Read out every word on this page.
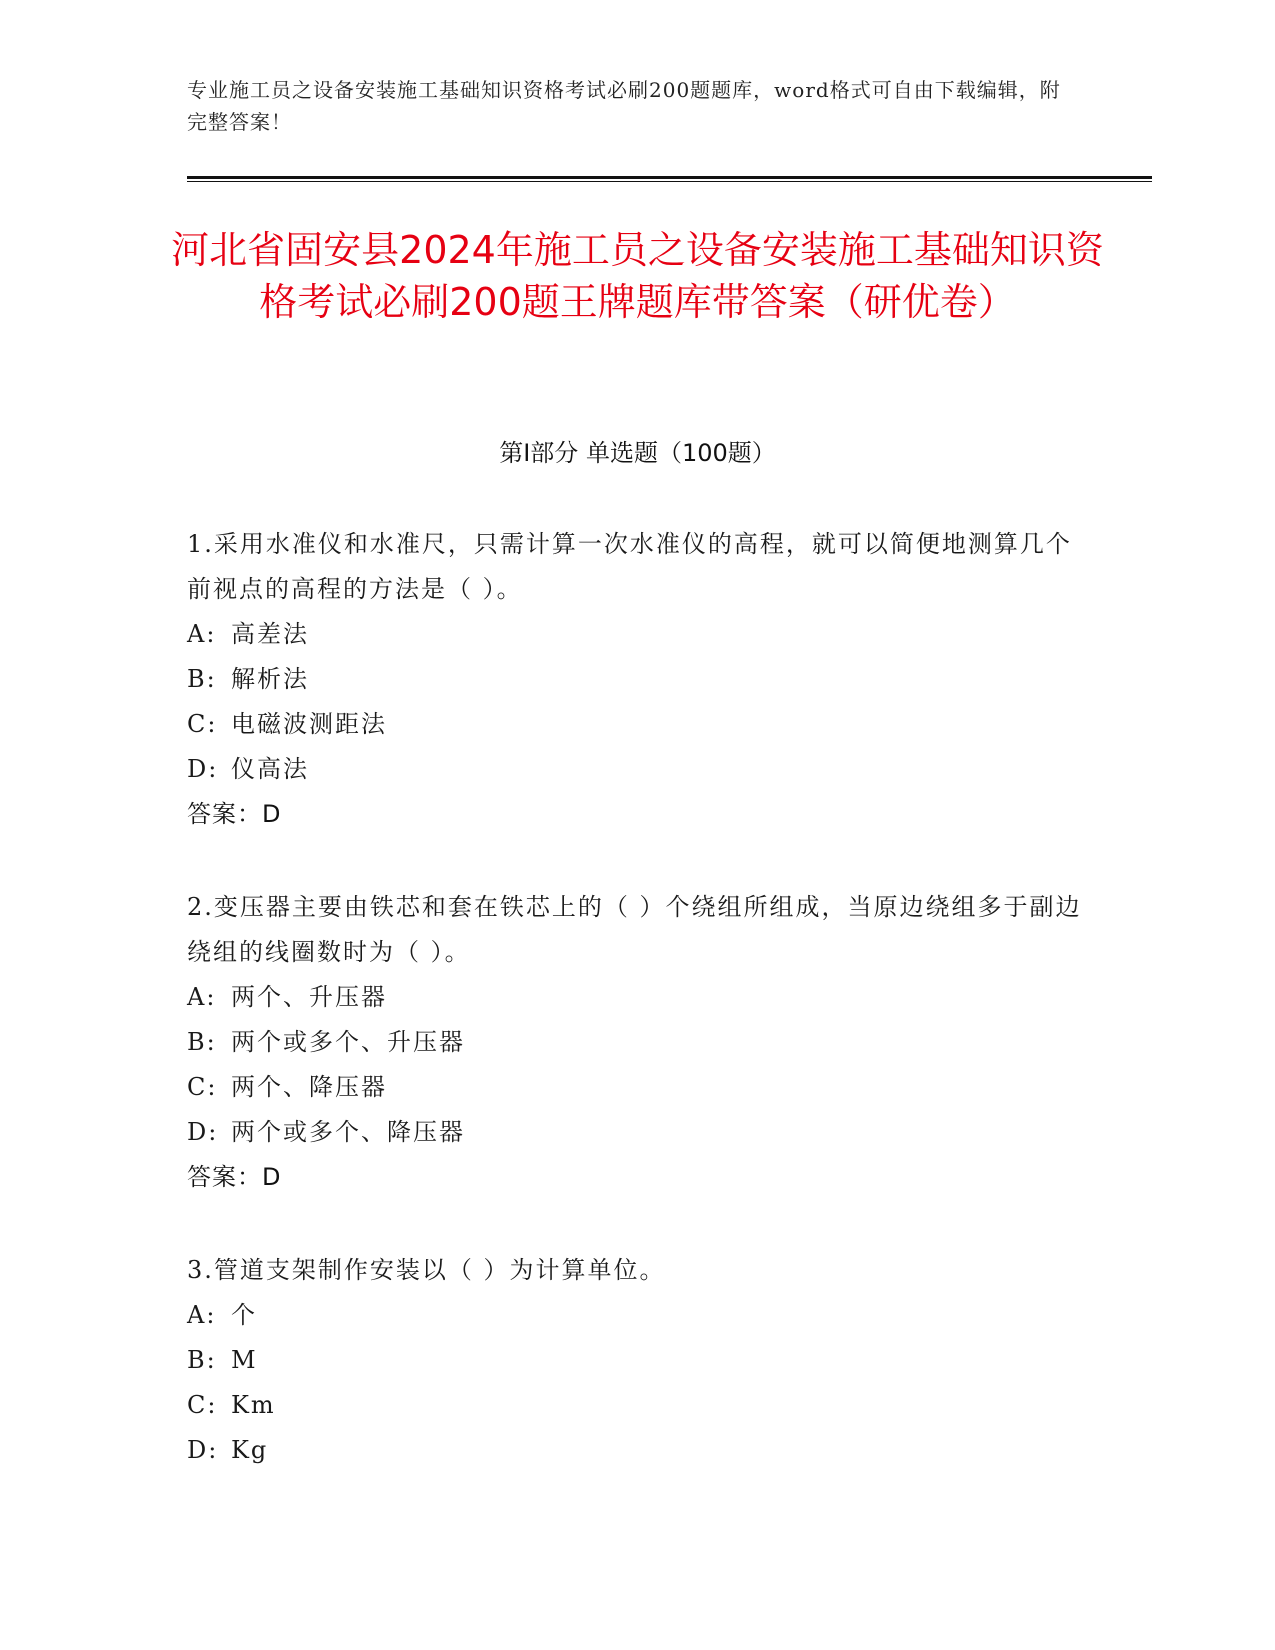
专业施工员之设备安装施工基础知识资格考试必刷200题题库，word格式可自由下载编辑，附完整答案！
河北省固安县2024年施工员之设备安装施工基础知识资格考试必刷200题王牌题库带答案（研优卷）
第Ⅰ部分 单选题（100题）
1.采用水准仪和水准尺，只需计算一次水准仪的高程，就可以简便地测算几个前视点的高程的方法是（ ）。
A: 高差法
B: 解析法
C: 电磁波测距法
D: 仪高法
答案：D
2.变压器主要由铁芯和套在铁芯上的（ ）个绕组所组成，当原边绕组多于副边绕组的线圈数时为（ ）。
A: 两个、升压器
B: 两个或多个、升压器
C: 两个、降压器
D: 两个或多个、降压器
答案：D
3.管道支架制作安装以（ ）为计算单位。
A: 个
B: M
C: Km
D: Kg
